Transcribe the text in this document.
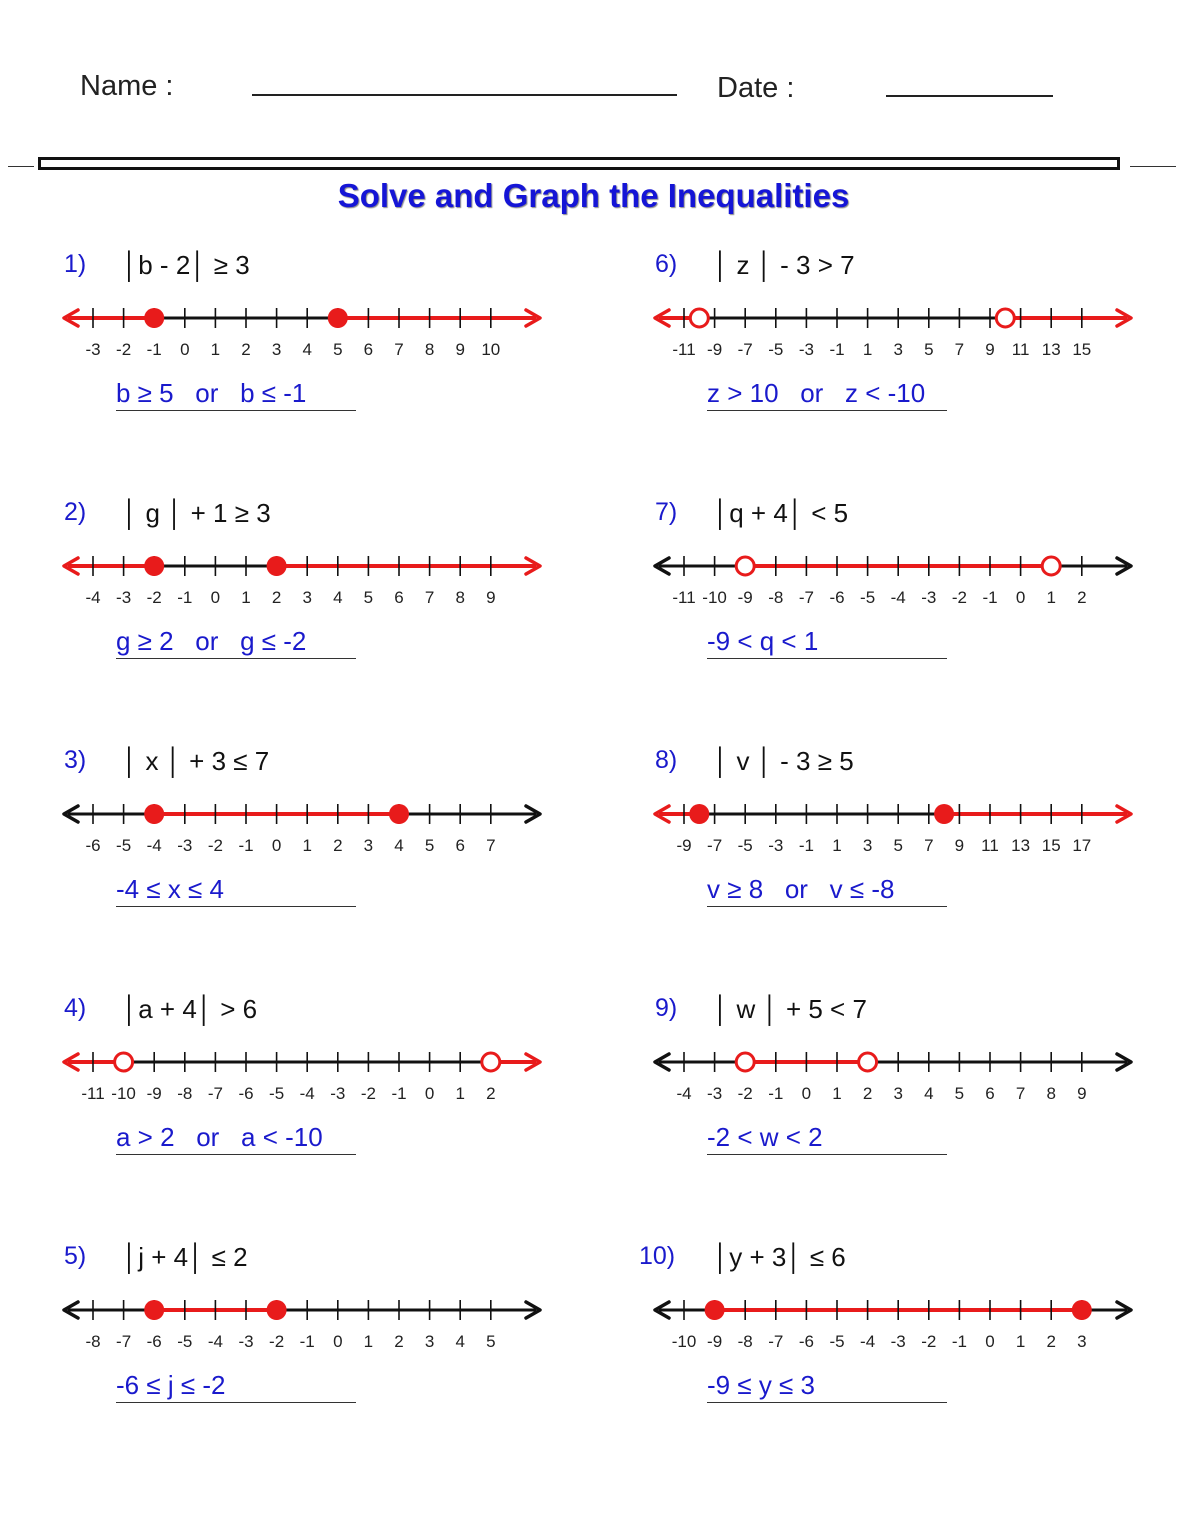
Name :	Date :
Solve and Graph the Inequalities
1) │b - 2│ ≥ 3
-3 -2 -1 0 1 2 3 4 5 6 7 8 9 10
b ≥ 5   or   b ≤ -1
2) │ g │ + 1 ≥ 3
-4 -3 -2 -1 0 1 2 3 4 5 6 7 8 9
g ≥ 2   or   g ≤ -2
3) │ x │ + 3 ≤ 7
-6 -5 -4 -3 -2 -1 0 1 2 3 4 5 6 7
-4 ≤ x ≤ 4
4) │a + 4│ > 6
-11 -10 -9 -8 -7 -6 -5 -4 -3 -2 -1 0 1 2
a > 2   or   a < -10
5) │j + 4│ ≤ 2
-8 -7 -6 -5 -4 -3 -2 -1 0 1 2 3 4 5
-6 ≤ j ≤ -2
6) │ z │ - 3 > 7
-11 -9 -7 -5 -3 -1 1 3 5 7 9 11 13 15
z > 10   or   z < -10
7) │q + 4│ < 5
-11 -10 -9 -8 -7 -6 -5 -4 -3 -2 -1 0 1 2
-9 < q < 1
8) │ v │ - 3 ≥ 5
-9 -7 -5 -3 -1 1 3 5 7 9 11 13 15 17
v ≥ 8   or   v ≤ -8
9) │ w │ + 5 < 7
-4 -3 -2 -1 0 1 2 3 4 5 6 7 8 9
-2 < w < 2
10) │y + 3│ ≤ 6
-10 -9 -8 -7 -6 -5 -4 -3 -2 -1 0 1 2 3
-9 ≤ y ≤ 3
